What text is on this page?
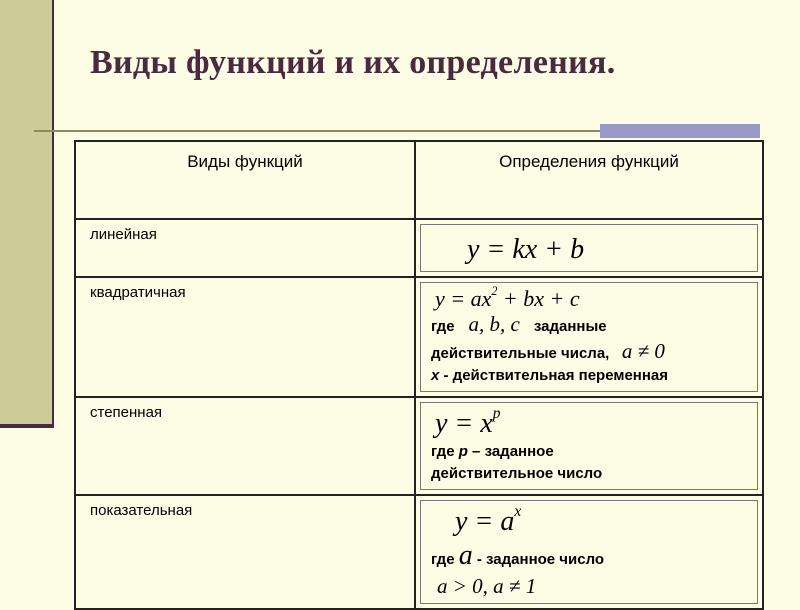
Виды функций и их определения.
Виды функций	Определения функций

линейная	y = kx + b

квадратичная	$y = ax^2$ + bx + c
где a, b, c заданные
действительные числа, a ≠ 0
x - действительная переменная

степенная	$y = x^p$
где p – заданное
действительное число

показательная	$y = a^x$
где a - заданное число
a > 0, a ≠ 1
